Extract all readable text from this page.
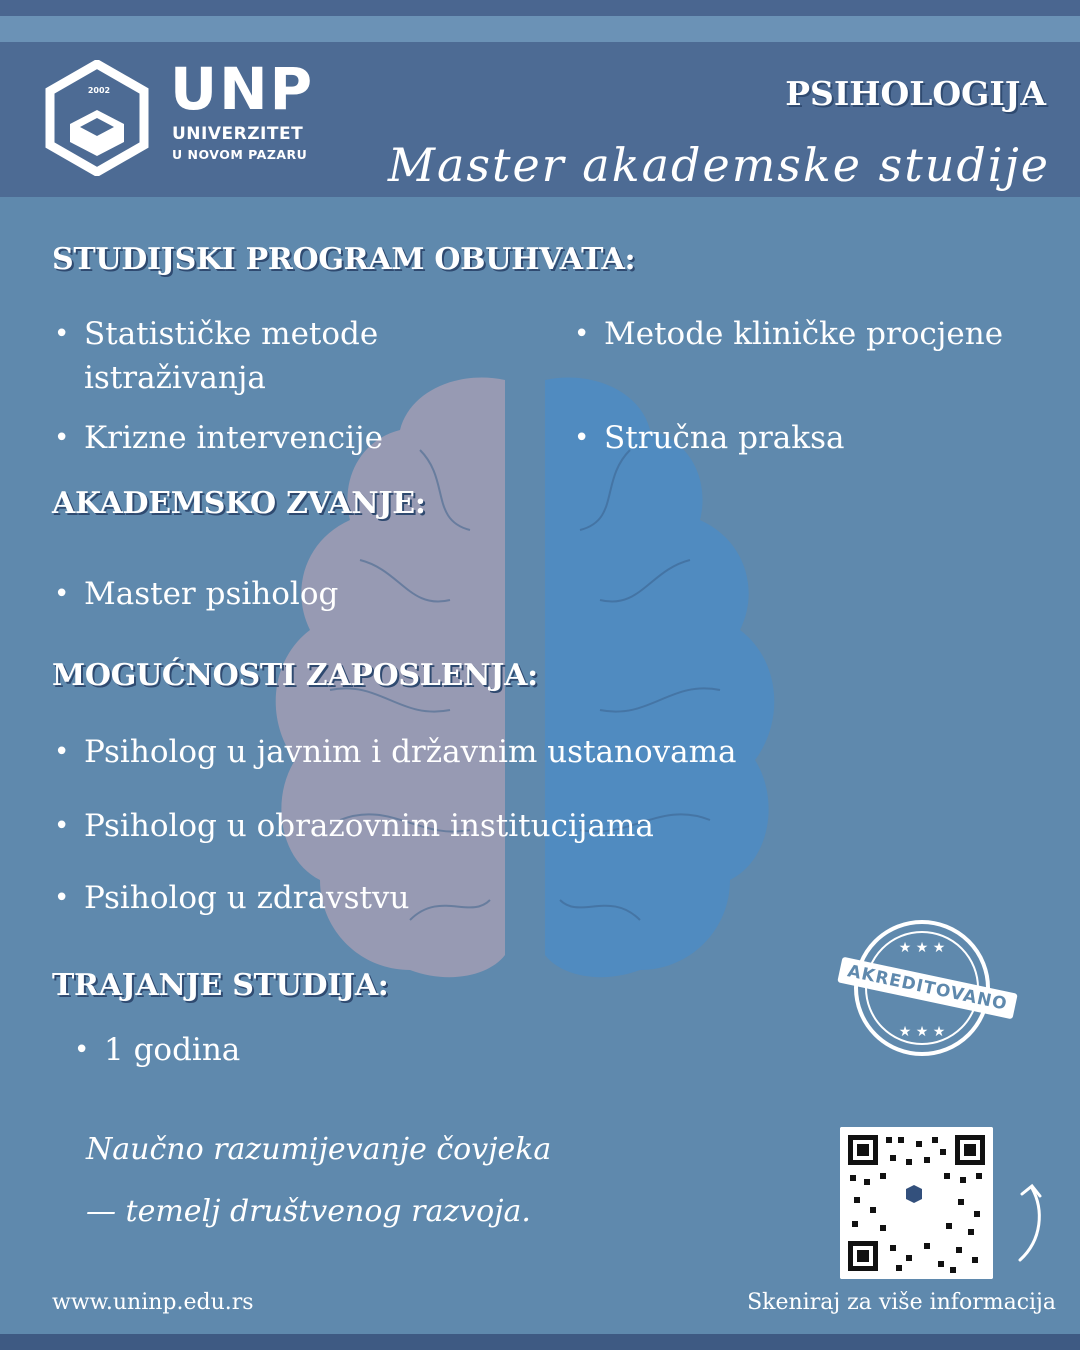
2002 UNP
UNIVERZITET
U NOVOM PAZARU
PSIHOLOGIJA
Master akademske studije
STUDIJSKI PROGRAM OBUHVATA:
• Statističke metode istraživanja
• Metode kliničke procjene
• Krizne intervencije
•	Stručna praksa
AKADEMSKO ZVANJE:
• Master psiholog
MOGUĆNOSTI ZAPOSLENJA:
• Psiholog u javnim i državnim ustanovama
• Psiholog u obrazovnim institucijama
• Psiholog u zdravstvu
TRAJANJE STUDIJA:
• 1 godina
★ ★ ★
★ ★ ★
AKREDITOVANO
Naučno razumijevanje čovjeka
— temelj društvenog razvoja.
www.uninp.edu.rs	Skeniraj za više informacija
